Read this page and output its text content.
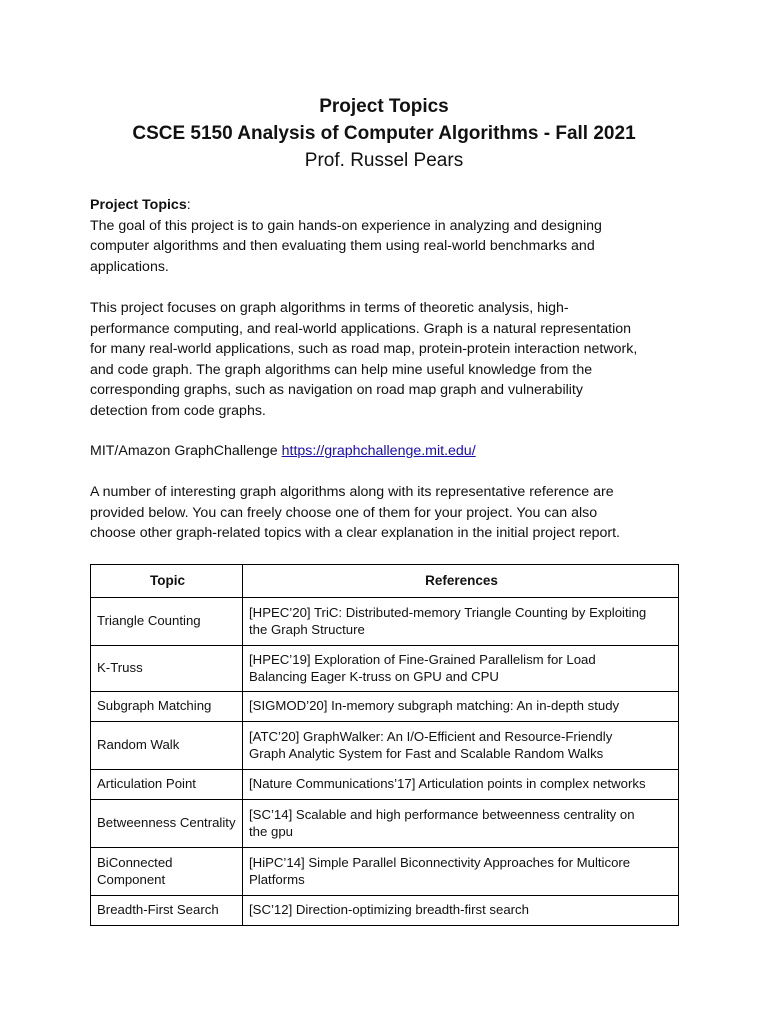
Project Topics
CSCE 5150 Analysis of Computer Algorithms - Fall 2021
Prof. Russel Pears

Project Topics:

The goal of this project is to gain hands-on experience in analyzing and designing

computer algorithms and then evaluating them using real-world benchmarks and

applications.

This project focuses on graph algorithms in terms of theoretic analysis, high-

performance computing, and real-world applications. Graph is a natural representation

for many real-world applications, such as road map, protein-protein interaction network,

and code graph. The graph algorithms can help mine useful knowledge from the

corresponding graphs, such as navigation on road map graph and vulnerability

detection from code graphs.

MIT/Amazon GraphChallenge https://graphchallenge.mit.edu/

A number of interesting graph algorithms along with its representative reference are

provided below. You can freely choose one of them for your project. You can also

choose other graph-related topics with a clear explanation in the initial project report.

Topic	References
Triangle Counting	[HPEC’20] TriC: Distributed-memory Triangle Counting by Exploiting
the Graph Structure
K-Truss	[HPEC’19] Exploration of Fine-Grained Parallelism for Load
Balancing Eager K-truss on GPU and CPU
Subgraph Matching	[SIGMOD’20] In-memory subgraph matching: An in-depth study
Random Walk	[ATC’20] GraphWalker: An I/O-Efficient and Resource-Friendly
Graph Analytic System for Fast and Scalable Random Walks
Articulation Point	[Nature Communications’17] Articulation points in complex networks
Betweenness Centrality	[SC’14] Scalable and high performance betweenness centrality on
the gpu
BiConnected
Component	[HiPC’14] Simple Parallel Biconnectivity Approaches for Multicore
Platforms
Breadth-First Search	[SC’12] Direction-optimizing breadth-first search
